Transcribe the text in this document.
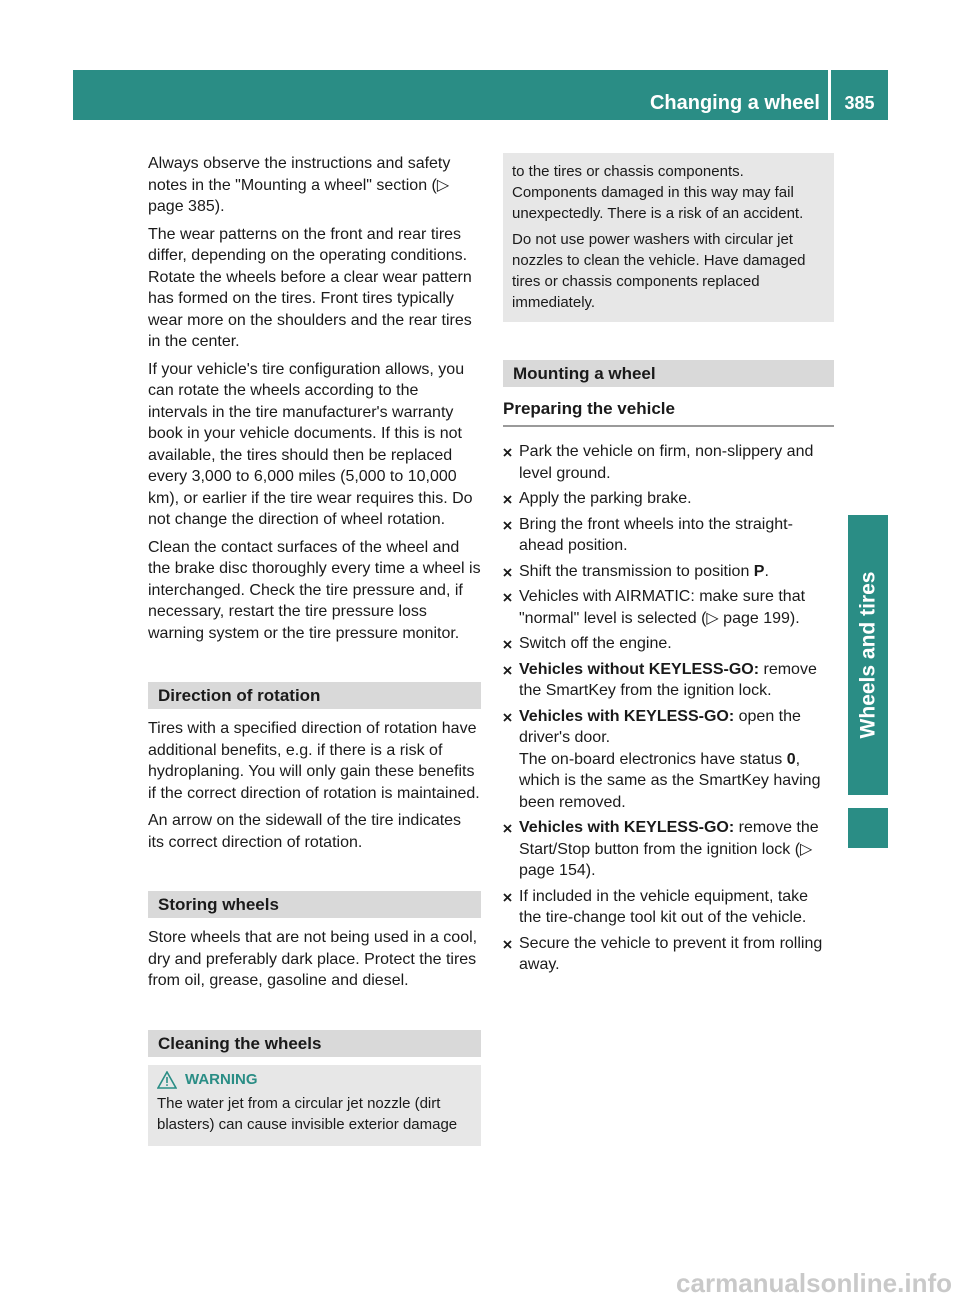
Changing a wheel	385
Wheels and tires

Always observe the instructions and safety notes in the "Mounting a wheel" section (▷ page 385).

The wear patterns on the front and rear tires differ, depending on the operating conditions. Rotate the wheels before a clear wear pattern has formed on the tires. Front tires typically wear more on the shoulders and the rear tires in the center.

If your vehicle's tire configuration allows, you can rotate the wheels according to the intervals in the tire manufacturer's warranty book in your vehicle documents. If this is not available, the tires should then be replaced every 3,000 to 6,000 miles (5,000 to 10,000 km), or earlier if the tire wear requires this. Do not change the direction of wheel rotation.

Clean the contact surfaces of the wheel and the brake disc thoroughly every time a wheel is interchanged. Check the tire pressure and, if necessary, restart the tire pressure loss warning system or the tire pressure monitor.

Direction of rotation

Tires with a specified direction of rotation have additional benefits, e.g. if there is a risk of hydroplaning. You will only gain these benefits if the correct direction of rotation is maintained.

An arrow on the sidewall of the tire indicates its correct direction of rotation.

Storing wheels

Store wheels that are not being used in a cool, dry and preferably dark place. Protect the tires from oil, grease, gasoline and diesel.

Cleaning the wheels
WARNING

The water jet from a circular jet nozzle (dirt blasters) can cause invisible exterior damage

to the tires or chassis components. Components damaged in this way may fail unexpectedly. There is a risk of an accident.

Do not use power washers with circular jet nozzles to clean the vehicle. Have damaged tires or chassis components replaced immediately.

Mounting a wheel
Preparing the vehicle
Park the vehicle on firm, non-slippery and level ground.
Apply the parking brake.
Bring the front wheels into the straight-ahead position.
Shift the transmission to position P.
Vehicles with AIRMATIC: make sure that "normal" level is selected (▷ page 199).
Switch off the engine.
Vehicles without KEYLESS-GO: remove the SmartKey from the ignition lock.
Vehicles with KEYLESS-GO: open the driver's door.
The on-board electronics have status 0, which is the same as the SmartKey having been removed.
Vehicles with KEYLESS-GO: remove the Start/Stop button from the ignition lock (▷ page 154).
If included in the vehicle equipment, take the tire-change tool kit out of the vehicle.
Secure the vehicle to prevent it from rolling away.
carmanualsonline.info
